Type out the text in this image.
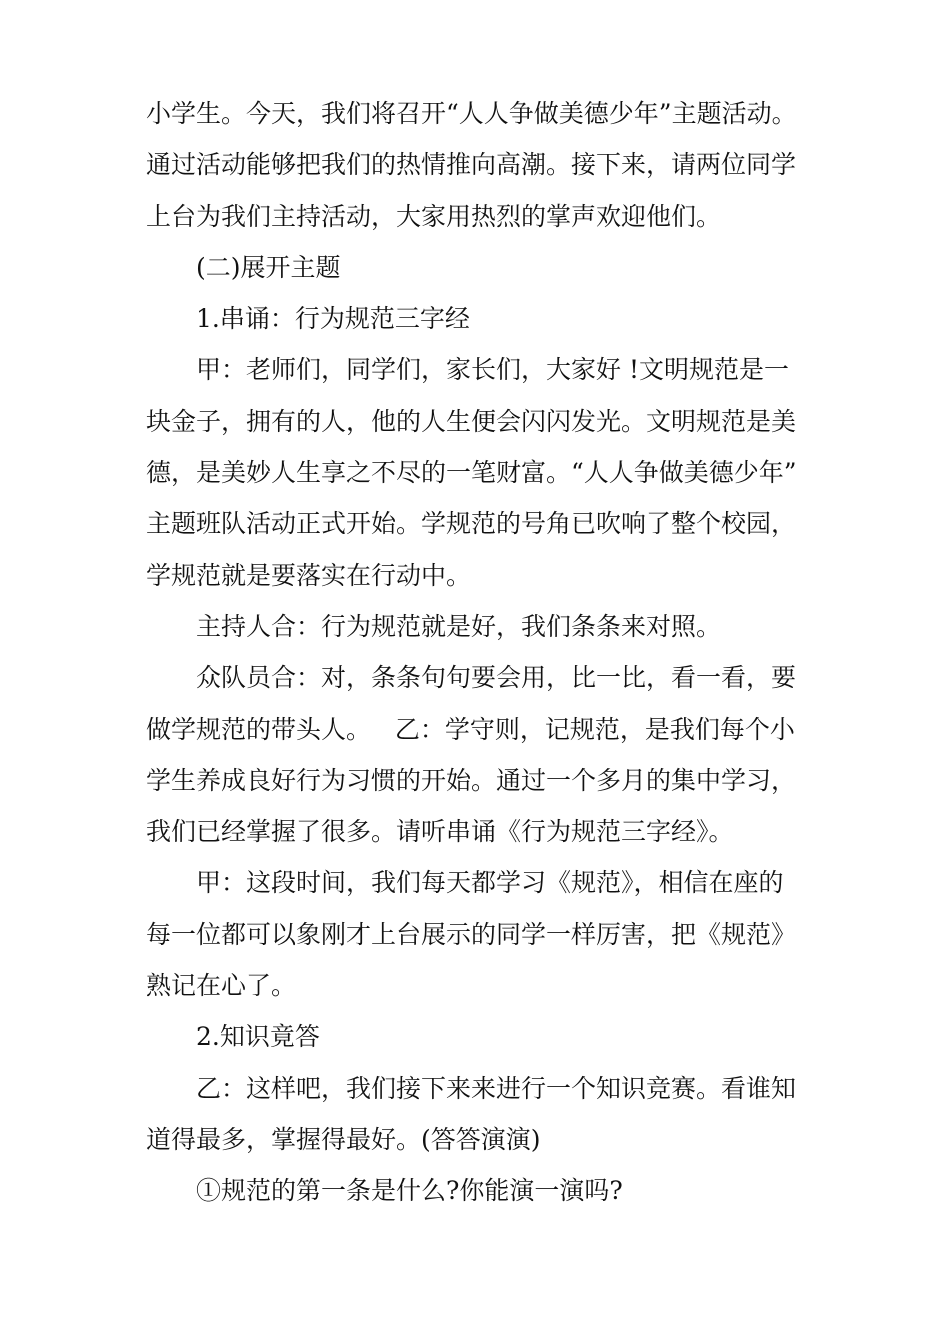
小学生。今天，我们将召开“人人争做美德少年”主题活动。
通过活动能够把我们的热情推向高潮。接下来，请两位同学
上台为我们主持活动，大家用热烈的掌声欢迎他们。
(二)展开主题
1.串诵：行为规范三字经
甲：老师们，同学们，家长们，大家好 !文明规范是一
块金子，拥有的人，他的人生便会闪闪发光。文明规范是美
德，是美妙人生享之不尽的一笔财富。“人人争做美德少年”
主题班队活动正式开始。学规范的号角已吹响了整个校园，
学规范就是要落实在行动中。
主持人合：行为规范就是好，我们条条来对照。
众队员合：对，条条句句要会用，比一比，看一看，要
做学规范的带头人。   乙：学守则，记规范，是我们每个小
学生养成良好行为习惯的开始。通过一个多月的集中学习，
我们已经掌握了很多。请听串诵《行为规范三字经》。
甲：这段时间，我们每天都学习《规范》，相信在座的
每一位都可以象刚才上台展示的同学一样厉害，把《规范》
熟记在心了。
2.知识竟答
乙：这样吧，我们接下来来进行一个知识竞赛。看谁知
道得最多，掌握得最好。(答答演演)
①规范的第一条是什么?你能演一演吗?
